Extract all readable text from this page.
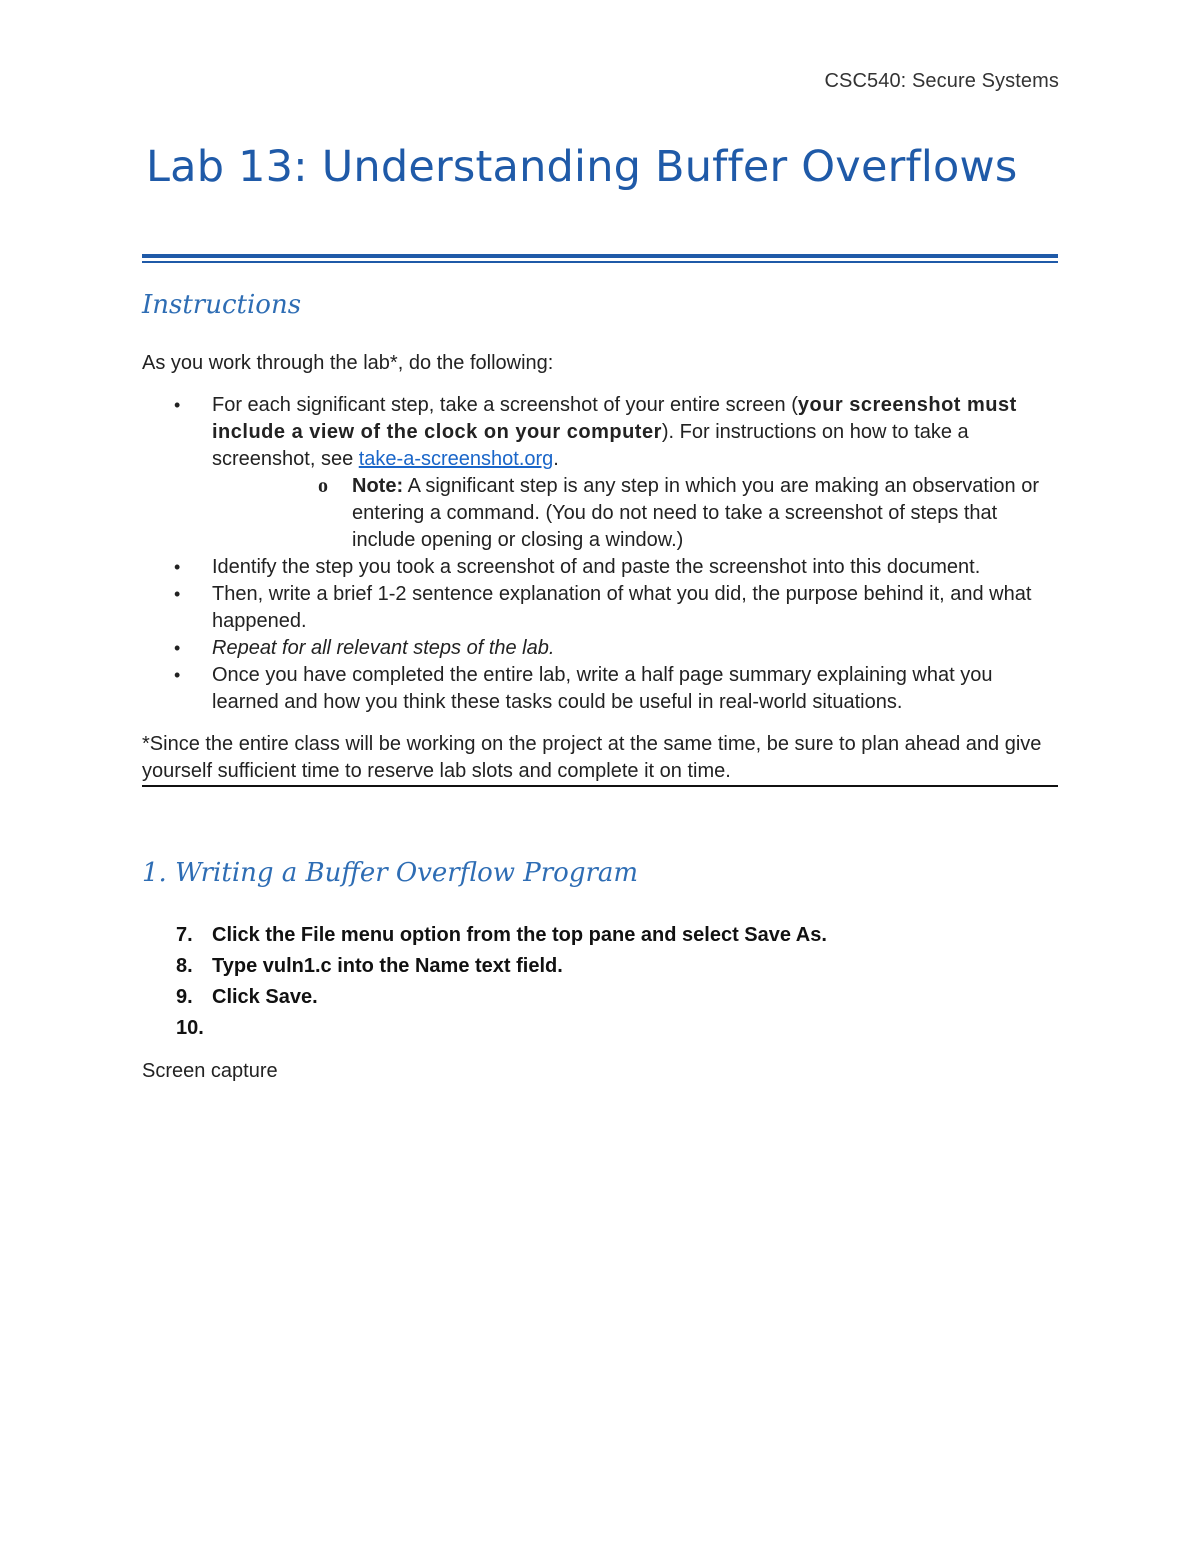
CSC540: Secure Systems
Lab 13: Understanding Buffer Overflows
Instructions
As you work through the lab*, do the following:
• For each significant step, take a screenshot of your entire screen (your screenshot must include a view of the clock on your computer). For instructions on how to take a screenshot, see take-a-screenshot.org.
o Note: A significant step is any step in which you are making an observation or entering a command. (You do not need to take a screenshot of steps that include opening or closing a window.)
• Identify the step you took a screenshot of and paste the screenshot into this document.
• Then, write a brief 1-2 sentence explanation of what you did, the purpose behind it, and what happened.
• Repeat for all relevant steps of the lab.
• Once you have completed the entire lab, write a half page summary explaining what you learned and how you think these tasks could be useful in real-world situations.
*Since the entire class will be working on the project at the same time, be sure to plan ahead and give yourself sufficient time to reserve lab slots and complete it on time.
1. Writing a Buffer Overflow Program
7. Click the File menu option from the top pane and select Save As.
8. Type vuln1.c into the Name text field.
9. Click Save.
10.
Screen capture
